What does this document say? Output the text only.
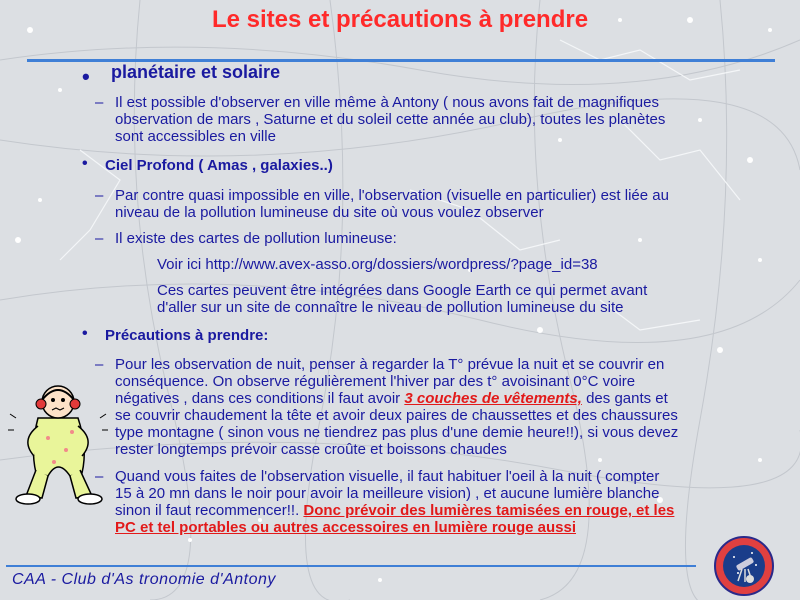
Le sites et précautions à prendre
• planétaire et solaire
– Il est possible d'observer en ville même à Antony ( nous avons fait de magnifiques
observation de mars , Saturne et du soleil cette année au club), toutes les planètes
sont accessibles en ville
• Ciel Profond ( Amas , galaxies..)
– Par contre quasi impossible en ville, l'observation (visuelle en particulier) est liée au
niveau de la pollution lumineuse du site où vous voulez observer
– Il existe des cartes de pollution lumineuse:
Voir ici http://www.avex-asso.org/dossiers/wordpress/?page_id=38
Ces cartes peuvent être intégrées dans Google Earth ce qui permet avant
d'aller sur un site de connaître le niveau de pollution lumineuse du site
• Précautions à prendre:
– Pour les observation de nuit, penser à regarder la T° prévue la nuit et se couvrir en
conséquence. On observe régulièrement l'hiver par des t° avoisinant 0°C voire
négatives , dans ces conditions il faut avoir 3 couches de vêtements, des gants et
se couvrir chaudement la tête et avoir deux paires de chaussettes et des chaussures
type montagne ( sinon vous ne tiendrez pas plus d'une demie heure!!), si vous devez
rester longtemps prévoir casse croûte et boissons chaudes
– Quand vous faites de l'observation visuelle, il faut habituer l'oeil à la nuit ( compter
15 à 20 mn dans le noir pour avoir la meilleure vision) , et aucune lumière blanche
sinon il faut recommencer!!. Donc prévoir des lumières tamisées en rouge, et les
PC et tel portables ou autres accessoires en lumière rouge aussi
CAA - Club d'As tronomie d'Antony
